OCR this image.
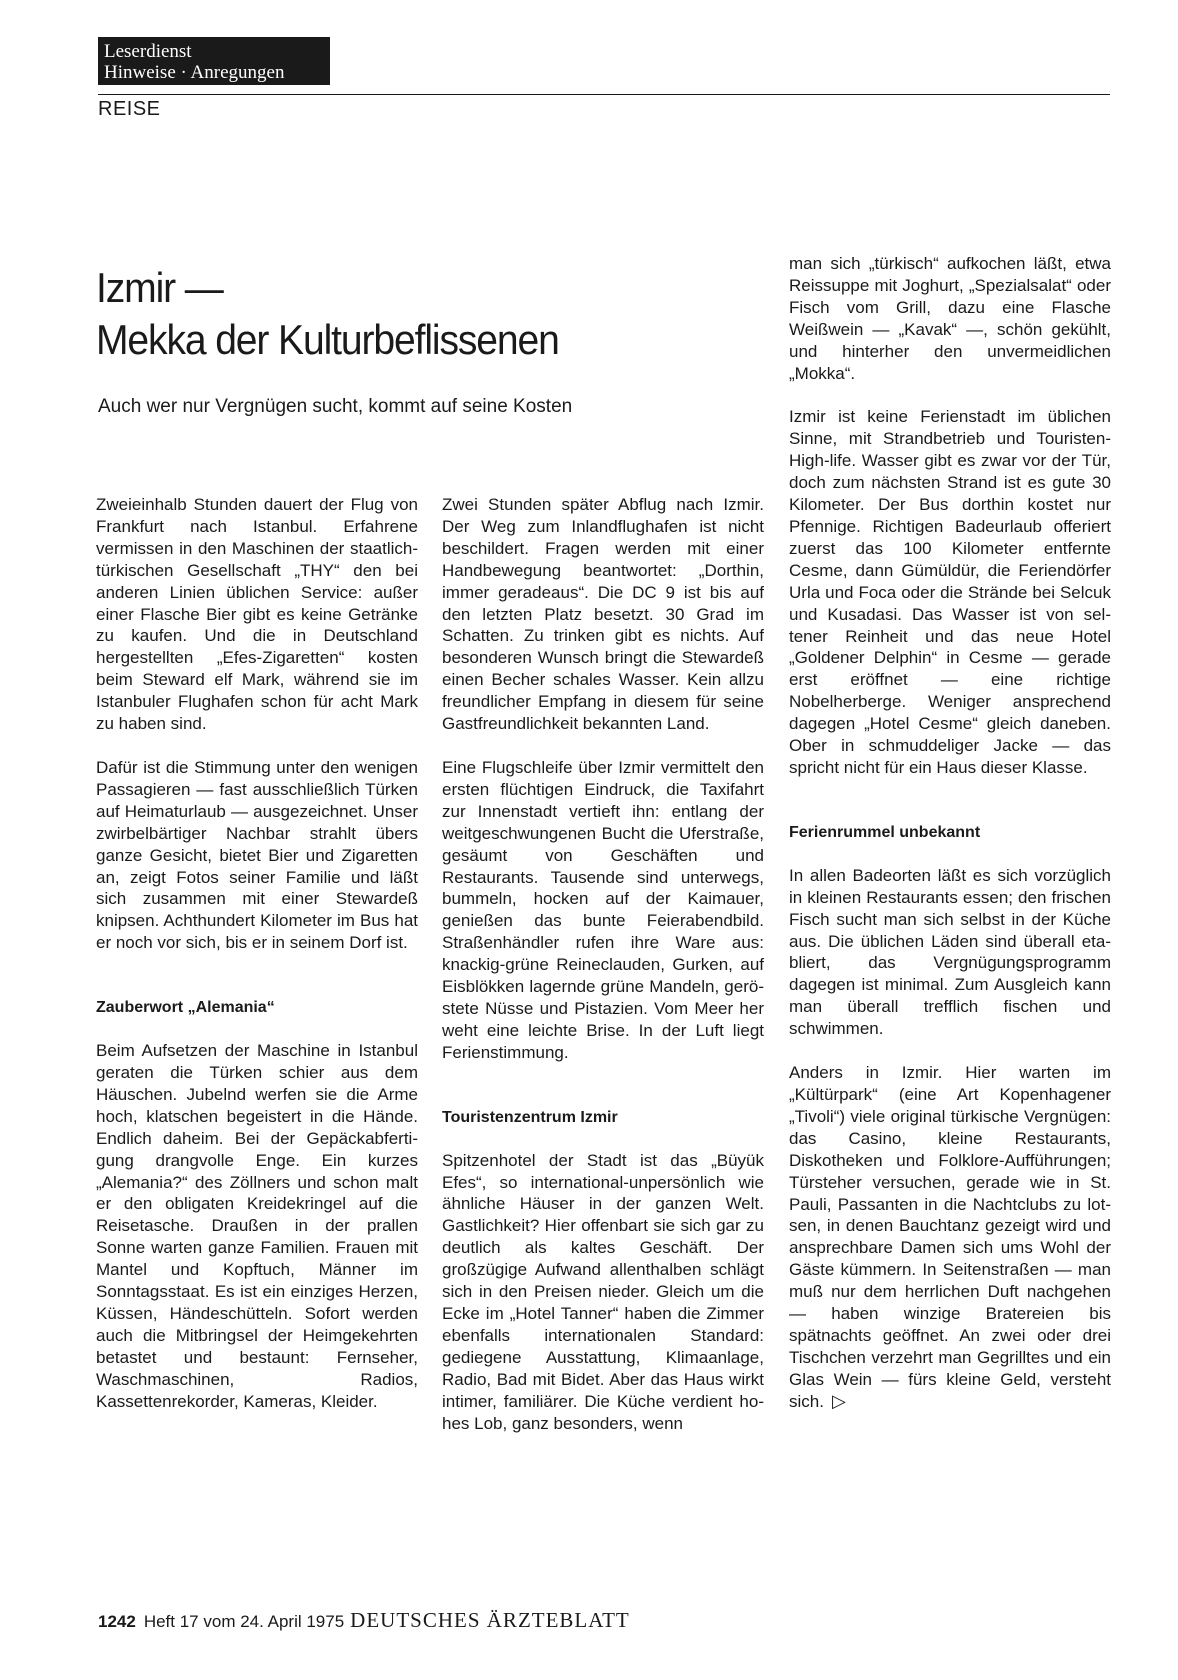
Leserdienst
Hinweise · Anregungen
REISE
Izmir —
Mekka der Kulturbeflissenen
Auch wer nur Vergnügen sucht, kommt auf seine Kosten

Zweieinhalb Stunden dauert der Flug von Frankfurt nach Istanbul. Erfahrene vermissen in den Maschinen der staatlich-türkischen Gesellschaft „THY“ den bei anderen Linien üblichen Service: außer einer Flasche Bier gibt es keine Getränke zu kaufen. Und die in Deutschland hergestellten „Efes-Zigaretten“ kosten beim Steward elf Mark, während sie im Istanbuler Flughafen schon für acht Mark zu haben sind.

Dafür ist die Stimmung unter den wenigen Passagieren — fast ausschließlich Türken auf Heimaturlaub — ausgezeichnet. Unser zwirbelbärtiger Nachbar strahlt übers ganze Gesicht, bietet Bier und Zigaretten an, zeigt Fotos seiner Familie und läßt sich zusammen mit einer Stewardeß knipsen. Achthundert Kilometer im Bus hat er noch vor sich, bis er in seinem Dorf ist.

Zauberwort „Alemania“

Beim Aufsetzen der Maschine in Istanbul geraten die Türken schier aus dem Häuschen. Jubelnd werfen sie die Arme hoch, klatschen begeistert in die Hände. Endlich daheim. Bei der Gepäckabfertigung drangvolle Enge. Ein kurzes „Alemania?“ des Zöllners und schon malt er den obligaten Kreidekringel auf die Reisetasche. Draußen in der prallen Sonne warten ganze Familien. Frauen mit Mantel und Kopftuch, Männer im Sonntagsstaat. Es ist ein einziges Herzen, Küssen, Händeschütteln. Sofort werden auch die Mitbringsel der Heimgekehrten betastet und bestaunt: Fernseher, Waschmaschinen, Radios, Kassettenrekorder, Kameras, Kleider.

Zwei Stunden später Abflug nach Izmir. Der Weg zum Inlandflughafen ist nicht beschildert. Fragen werden mit einer Handbewegung beantwortet: „Dorthin, immer geradeaus“. Die DC 9 ist bis auf den letzten Platz besetzt. 30 Grad im Schatten. Zu trinken gibt es nichts. Auf besonderen Wunsch bringt die Stewardeß einen Becher schales Wasser. Kein allzu freundlicher Empfang in diesem für seine Gastfreundlichkeit bekannten Land.

Eine Flugschleife über Izmir vermittelt den ersten flüchtigen Eindruck, die Taxifahrt zur Innenstadt vertieft ihn: entlang der weitgeschwungenen Bucht die Uferstraße, gesäumt von Geschäften und Restaurants. Tausende sind unterwegs, bummeln, hocken auf der Kaimauer, genießen das bunte Feierabendbild. Straßenhändler rufen ihre Ware aus: knackig-grüne Reineclauden, Gurken, auf Eisblökken lagernde grüne Mandeln, geröstete Nüsse und Pistazien. Vom Meer her weht eine leichte Brise. In der Luft liegt Ferienstimmung.

Touristenzentrum Izmir

Spitzenhotel der Stadt ist das „Büyük Efes“, so international-unpersönlich wie ähnliche Häuser in der ganzen Welt. Gastlichkeit? Hier offenbart sie sich gar zu deutlich als kaltes Geschäft. Der großzügige Aufwand allenthalben schlägt sich in den Preisen nieder. Gleich um die Ecke im „Hotel Tanner“ haben die Zimmer ebenfalls internationalen Standard: gediegene Ausstattung, Klimaanlage, Radio, Bad mit Bidet. Aber das Haus wirkt intimer, familiärer. Die Küche verdient hohes Lob, ganz besonders, wenn

man sich „türkisch“ aufkochen läßt, etwa Reissuppe mit Joghurt, „Spezialsalat“ oder Fisch vom Grill, dazu eine Flasche Weißwein — „Kavak“ —, schön gekühlt, und hinterher den unvermeidlichen „Mokka“.

Izmir ist keine Ferienstadt im üblichen Sinne, mit Strandbetrieb und Touristen-High-life. Wasser gibt es zwar vor der Tür, doch zum nächsten Strand ist es gute 30 Kilometer. Der Bus dorthin kostet nur Pfennige. Richtigen Badeurlaub offeriert zuerst das 100 Kilometer entfernte Cesme, dann Gümüldür, die Feriendörfer Urla und Foca oder die Strände bei Selcuk und Kusadasi. Das Wasser ist von seltener Reinheit und das neue Hotel „Goldener Delphin“ in Cesme — gerade erst eröffnet — eine richtige Nobelherberge. Weniger ansprechend dagegen „Hotel Cesme“ gleich daneben. Ober in schmuddeliger Jacke — das spricht nicht für ein Haus dieser Klasse.

Ferienrummel unbekannt

In allen Badeorten läßt es sich vorzüglich in kleinen Restaurants essen; den frischen Fisch sucht man sich selbst in der Küche aus. Die üblichen Läden sind überall etabliert, das Vergnügungsprogramm dagegen ist minimal. Zum Ausgleich kann man überall trefflich fischen und schwimmen.

Anders in Izmir. Hier warten im „Kültürpark“ (eine Art Kopenhagener „Tivoli“) viele original türkische Vergnügen: das Casino, kleine Restaurants, Diskotheken und Folklore-Aufführungen; Türsteher versuchen, gerade wie in St. Pauli, Passanten in die Nachtclubs zu lotsen, in denen Bauchtanz gezeigt wird und ansprechbare Damen sich ums Wohl der Gäste kümmern. In Seitenstraßen — man muß nur dem herrlichen Duft nachgehen — haben winzige Bratereien bis spätnachts geöffnet. An zwei oder drei Tischchen verzehrt man Gegrilltes und ein Glas Wein — fürs kleine Geld, versteht sich. ▷

1242 Heft 17 vom 24. April 1975 DEUTSCHES ÄRZTEBLATT
